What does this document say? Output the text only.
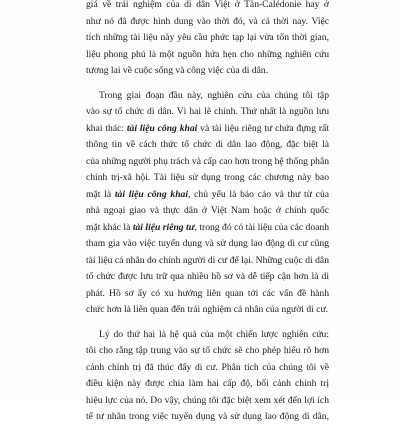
giá về trải nghiệm của di dân Việt ở Tàn-Calédonie hay ở
như nó đã được hình dung vào thời đó, và cả thời nay. Việc
tích những tài liệu này yêu cầu phức tạp lại vừa tốn thời gian,
liệu phong phú là một nguồn hứa hẹn cho những nghiên cứu
tương lai về cuộc sống và công việc của di dân.
Trong giai đoạn đầu này, nghiên cứu của chúng tôi tập
vào sự tổ chức di dân. Vì hai lẽ chính. Thứ nhất là nguồn lưu
khai thác: tài liệu công khai và tài liệu riêng tư chứa đựng rất
thông tin về cách thức tổ chức di dân lao động, đặc biệt là
của những người phụ trách và cấp cao hơn trong hệ thống phân
chính trị-xã hội. Tài liệu sử dụng trong các chương này bao
mặt là tài liệu công khai, chủ yếu là báo cáo và thư từ của
nhà ngoại giao và thực dân ở Việt Nam hoặc ở chính quốc
mặt khác là tài liệu riêng tư, trong đó có tài liệu của các doanh
tham gia vào việc tuyển dụng và sử dụng lao động di cư cũng
tài liệu cá nhân do chính người di cư để lại. Những cuộc di dân
tổ chức được lưu trữ qua nhiều hồ sơ và dễ tiếp cận hơn là di
phát. Hồ sơ ấy có xu hướng liên quan tới các vấn đề hành
chức hơn là liên quan đến trải nghiệm cá nhân của người di cư.
Lý do thứ hai là hệ quả của một chiến lược nghiên cứu:
tôi cho rằng tập trung vào sự tổ chức sẽ cho phép hiểu rõ hơn
cảnh chính trị đã thúc đẩy di cư. Phân tích của chúng tôi về
điều kiện này được chia làm hai cấp độ, bối cảnh chính trị
hiệu lực của nó. Do vậy, chúng tôi đặc biệt xem xét đến lợi ích
tế tư nhân trong việc tuyển dụng và sử dụng lao động di dân,
